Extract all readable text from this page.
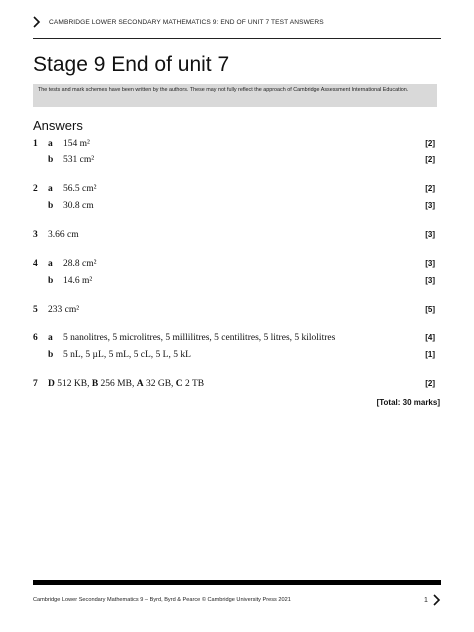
CAMBRIDGE LOWER SECONDARY MATHEMATICS 9: END OF UNIT 7 TEST ANSWERS
Stage 9 End of unit 7
The tests and mark schemes have been written by the authors. These may not fully reflect the approach of Cambridge Assessment International Education.
Answers
1 a 154 m²	[2]
b 531 cm²	[2]
2 a 56.5 cm²	[2]
b 30.8 cm	[3]
3 3.66 cm	[3]
4 a 28.8 cm²	[3]
b 14.6 m²	[3]
5 233 cm²	[5]
6 a 5 nanolitres, 5 microlitres, 5 millilitres, 5 centilitres, 5 litres, 5 kilolitres	[4]
b 5 nL, 5 µL, 5 mL, 5 cL, 5 L, 5 kL	[1]
7 D 512 KB, B 256 MB, A 32 GB, C 2 TB	[2]
[Total: 30 marks]
Cambridge Lower Secondary Mathematics 9 – Byrd, Byrd & Pearce © Cambridge University Press 2021	1
